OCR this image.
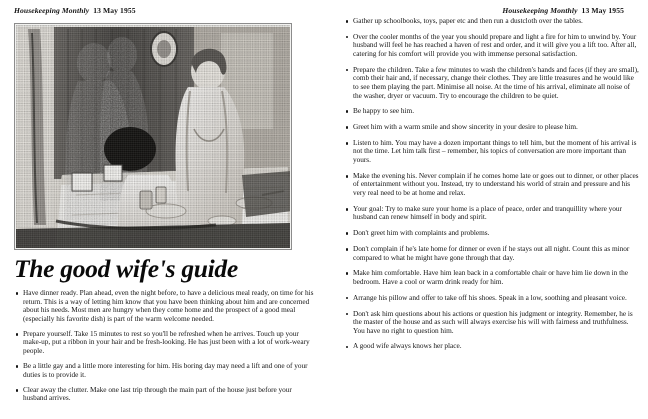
Housekeeping Monthly 13 May 1955
The good wife's guide
Have dinner ready. Plan ahead, even the night before, to have a delicious meal ready, on time for his return. This is a way of letting him know that you have been thinking about him and are concerned about his needs. Most men are hungry when they come home and the prospect of a good meal (especially his favorite dish) is part of the warm welcome needed.
Prepare yourself. Take 15 minutes to rest so you'll be refreshed when he arrives. Touch up your make-up, put a ribbon in your hair and be fresh-looking. He has just been with a lot of work-weary people.
Be a little gay and a little more interesting for him. His boring day may need a lift and one of your duties is to provide it.
Clear away the clutter. Make one last trip through the main part of the house just before your husband arrives.
Housekeeping Monthly 13 May 1955
Gather up schoolbooks, toys, paper etc and then run a dustcloth over the tables.
Over the cooler months of the year you should prepare and light a fire for him to unwind by. Your husband will feel he has reached a haven of rest and order, and it will give you a lift too. After all, catering for his comfort will provide you with immense personal satisfaction.
Prepare the children. Take a few minutes to wash the children's hands and faces (if they are small), comb their hair and, if necessary, change their clothes. They are little treasures and he would like to see them playing the part. Minimise all noise. At the time of his arrival, eliminate all noise of the washer, dryer or vacuum. Try to encourage the children to be quiet.
Be happy to see him.
Greet him with a warm smile and show sincerity in your desire to please him.
Listen to him. You may have a dozen important things to tell him, but the moment of his arrival is not the time. Let him talk first – remember, his topics of conversation are more important than yours.
Make the evening his. Never complain if he comes home late or goes out to dinner, or other places of entertainment without you. Instead, try to understand his world of strain and pressure and his very real need to be at home and relax.
Your goal: Try to make sure your home is a place of peace, order and tranquillity where your husband can renew himself in body and spirit.
Don't greet him with complaints and problems.
Don't complain if he's late home for dinner or even if he stays out all night. Count this as minor compared to what he might have gone through that day.
Make him comfortable. Have him lean back in a comfortable chair or have him lie down in the bedroom. Have a cool or warm drink ready for him.
Arrange his pillow and offer to take off his shoes. Speak in a low, soothing and pleasant voice.
Don't ask him questions about his actions or question his judgment or integrity. Remember, he is the master of the house and as such will always exercise his will with fairness and truthfulness. You have no right to question him.
A good wife always knows her place.
